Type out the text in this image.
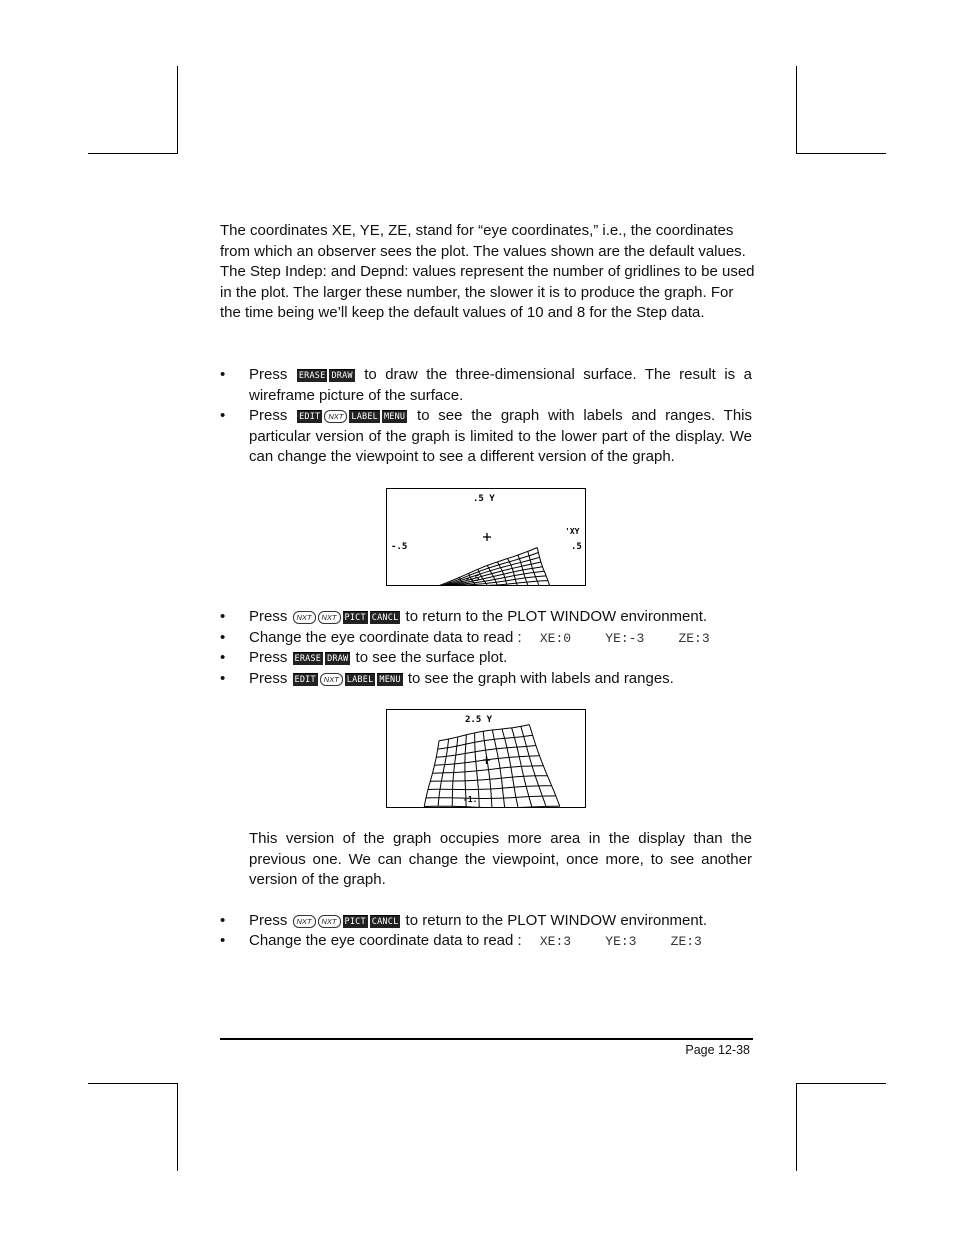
The coordinates XE, YE, ZE, stand for “eye coordinates,” i.e., the coordinates from which an observer sees the plot. The values shown are the default values. The Step Indep: and Depnd: values represent the number of gridlines to be used in the plot. The larger these number, the slower it is to produce the graph. For the time being we’ll keep the default values of 10 and 8 for the Step data.
• Press ERASE DRAW to draw the three-dimensional surface. The result is a wireframe picture of the surface.
• Press EDIT NXT LABEL MENU to see the graph with labels and ranges. This particular version of the graph is limited to the lower part of the display. We can change the viewpoint to see a different version of the graph.
.5 Y
-.5
'XY
.5
-.5
• Press NXT NXT PICT CANCL to return to the PLOT WINDOW environment.
• Change the eye coordinate data to read : XE:0	YE:-3	ZE:3
• Press ERASE DRAW to see the surface plot.
• Press EDIT NXT LABEL MENU to see the graph with labels and ranges.
2.5 Y
-1.
This version of the graph occupies more area in the display than the previous one. We can change the viewpoint, once more, to see another version of the graph.
• Press NXT NXT PICT CANCL to return to the PLOT WINDOW environment.
• Change the eye coordinate data to read : XE:3	YE:3	ZE:3
Page 12-38
